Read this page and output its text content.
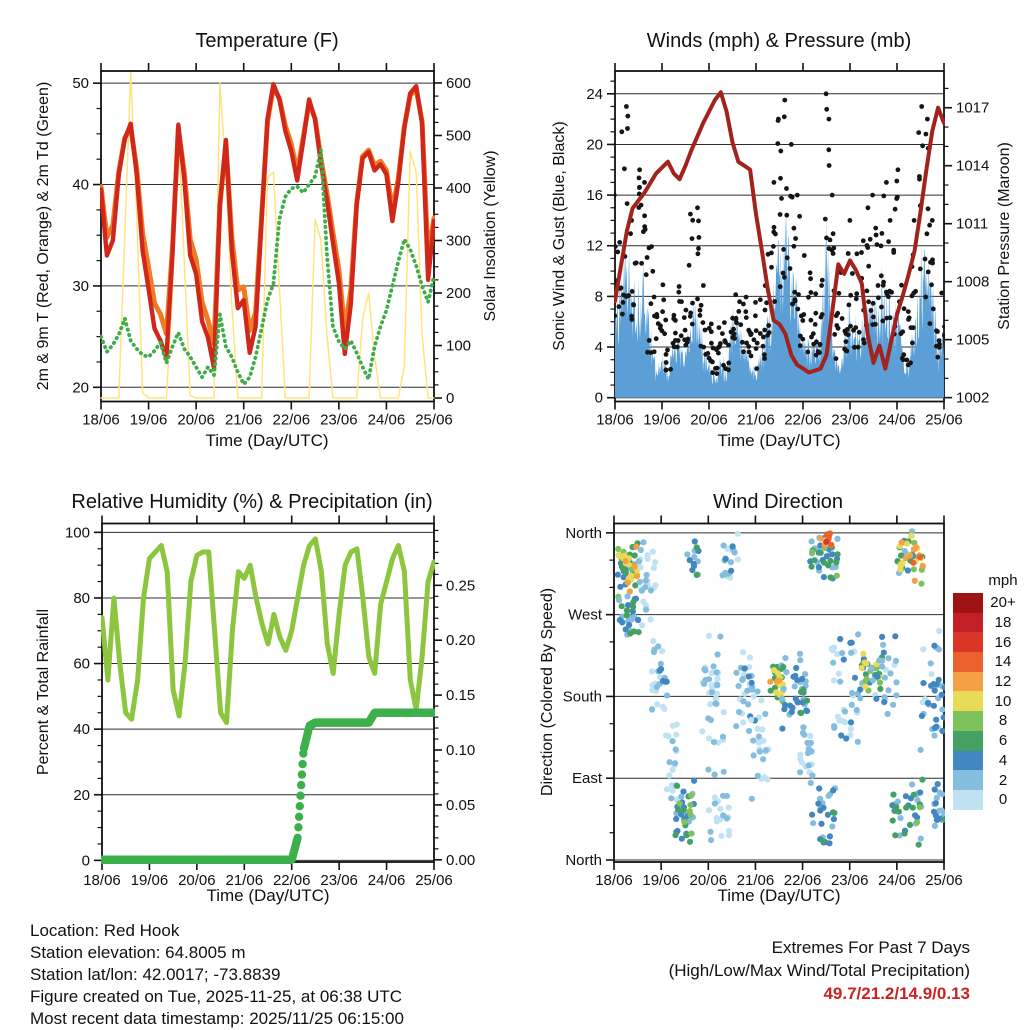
18/06 19/06 20/06 21/06 22/06 23/06 24/06 25/06
20
30
40
50
0
100
200
300
400
500
600
18/06 19/06 20/06 21/06 22/06 23/06 24/06 25/06
0
4
8
12
16
20
24
1002
1005
1008
1011
1014
1017
18/06 19/06 20/06 21/06 22/06 23/06 24/06 25/06
0
20
40
60
80
100
0.00
0.05
0.10
0.15
0.20
0.25
18/06 19/06 20/06 21/06 22/06 23/06 24/06 25/06
North
East
South
West
North
Temperature (F)
2m & 9m T (Red, Orange) & 2m Td (Green)	Solar Insolation (Yellow)
Time (Day/UTC)
Winds (mph) & Pressure (mb)
Sonic Wind & Gust (Blue, Black)	Station Pressure (Maroon)
Time (Day/UTC)
Relative Humidity (%) & Precipitation (in)
Percent & Total Rainfall
Time (Day/UTC)
Wind Direction
Direction (Colored By Speed)
Time (Day/UTC)
mph
20+
18
16
14
12
10
8
6
4
2
0
Location: Red Hook
Station elevation: 64.8005 m
Station lat/lon: 42.0017; -73.8839
Figure created on Tue, 2025-11-25, at 06:38 UTC
Most recent data timestamp: 2025/11/25 06:15:00
Extremes For Past 7 Days
(High/Low/Max Wind/Total Precipitation)
49.7/21.2/14.9/0.13
